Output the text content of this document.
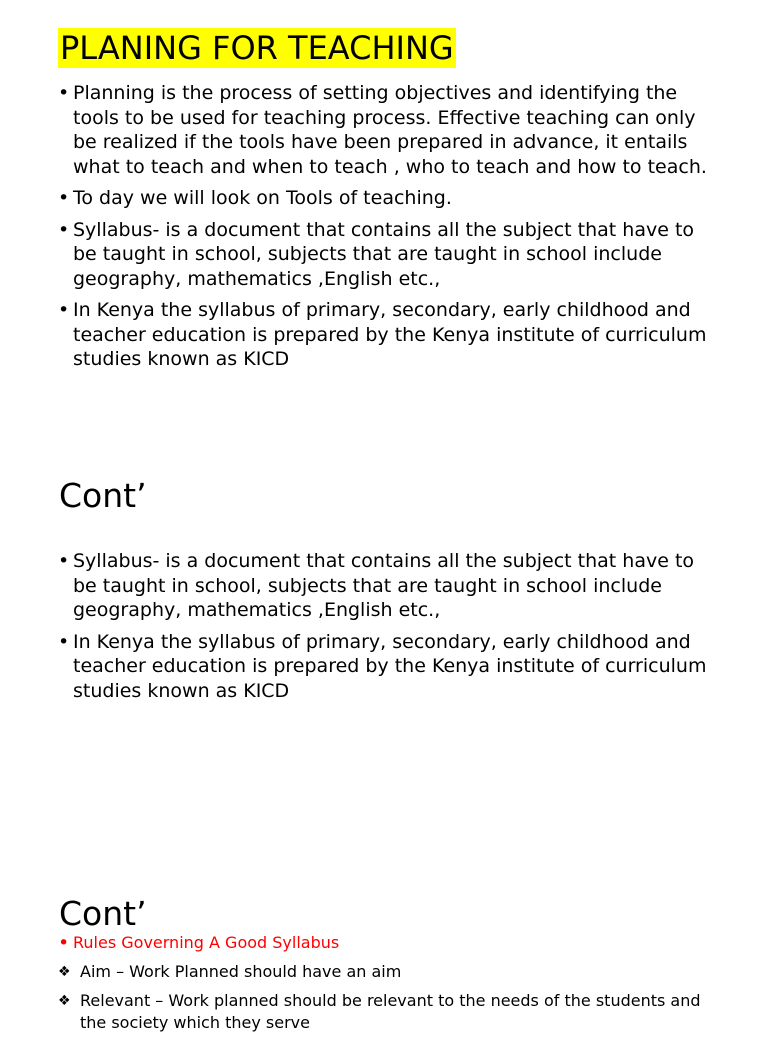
PLANING FOR TEACHING
• Planning is the process of setting objectives and identifying the tools to be used for teaching process. Effective teaching can only be realized if the tools have been prepared in advance, it entails what to teach and when to teach , who to teach and how to teach.
• To day we will look on Tools of teaching.
• Syllabus- is a document that contains all the subject that have to be taught in school, subjects that are taught in school include geography, mathematics ,English etc.,
• In Kenya the syllabus of primary, secondary, early childhood and teacher education is prepared by the Kenya institute of curriculum studies known as KICD
Cont’
• Syllabus- is a document that contains all the subject that have to be taught in school, subjects that are taught in school include geography, mathematics ,English etc.,
• In Kenya the syllabus of primary, secondary, early childhood and teacher education is prepared by the Kenya institute of curriculum studies known as KICD
Cont’
• Rules Governing A Good Syllabus
❖ Aim – Work Planned should have an aim
❖ Relevant – Work planned should be relevant to the needs of the students and the society which they serve
